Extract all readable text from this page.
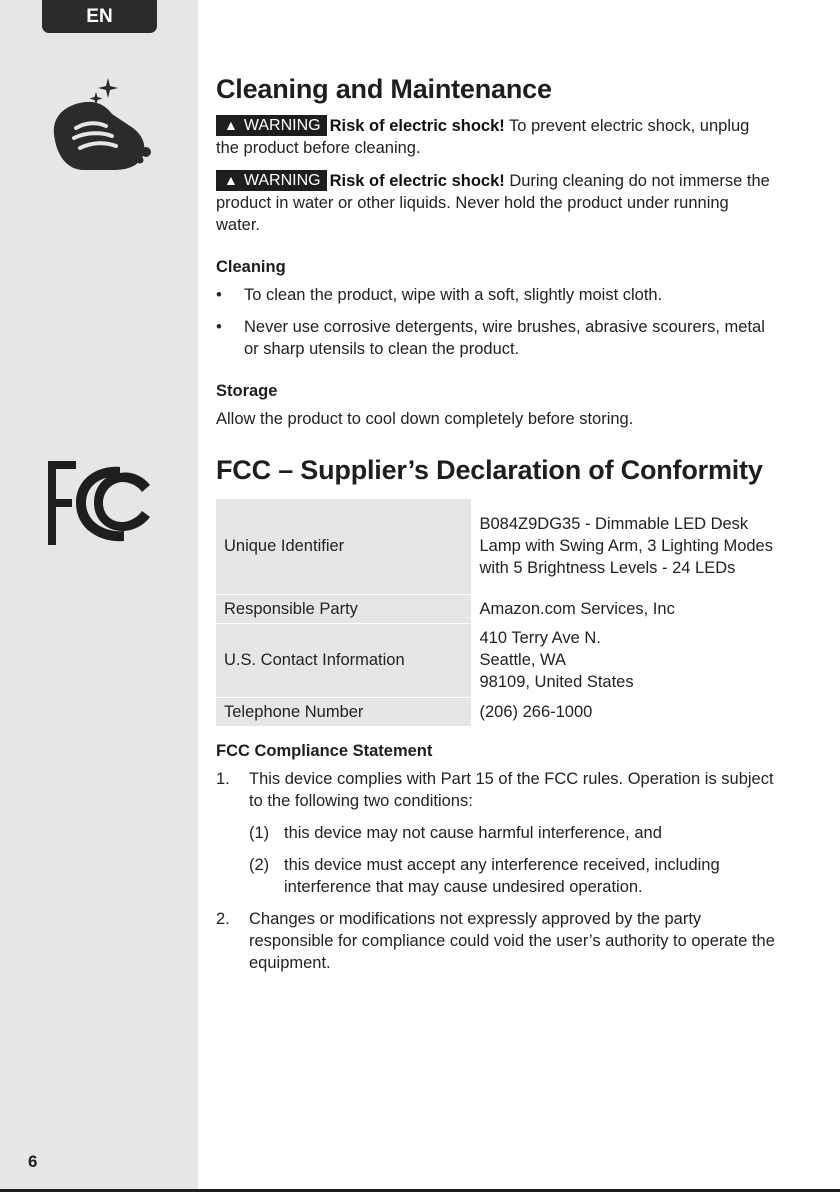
EN
6
Cleaning and Maintenance

▲ WARNING Risk of electric shock! To prevent electric shock, unplug the product before cleaning.

▲ WARNING Risk of electric shock! During cleaning do not immerse the product in water or other liquids. Never hold the product under running water.

Cleaning
• To clean the product, wipe with a soft, slightly moist cloth.
• Never use corrosive detergents, wire brushes, abrasive scourers, metal or sharp utensils to clean the product.
Storage

Allow the product to cool down completely before storing.

FCC – Supplier’s Declaration of Conformity
Unique Identifier	B084Z9DG35 - Dimmable LED Desk Lamp with Swing Arm, 3 Lighting Modes with 5 Brightness Levels - 24 LEDs
Responsible Party	Amazon.com Services, Inc
U.S. Contact Information	410 Terry Ave N.
Seattle, WA
98109, United States
Telephone Number	(206) 266-1000
FCC Compliance Statement
1. This device complies with Part 15 of the FCC rules. Operation is subject to the following two conditions:
(1) this device may not cause harmful interference, and
(2) this device must accept any interference received, including interference that may cause undesired operation.
2. Changes or modifications not expressly approved by the party responsible for compliance could void the user’s authority to operate the equipment.
